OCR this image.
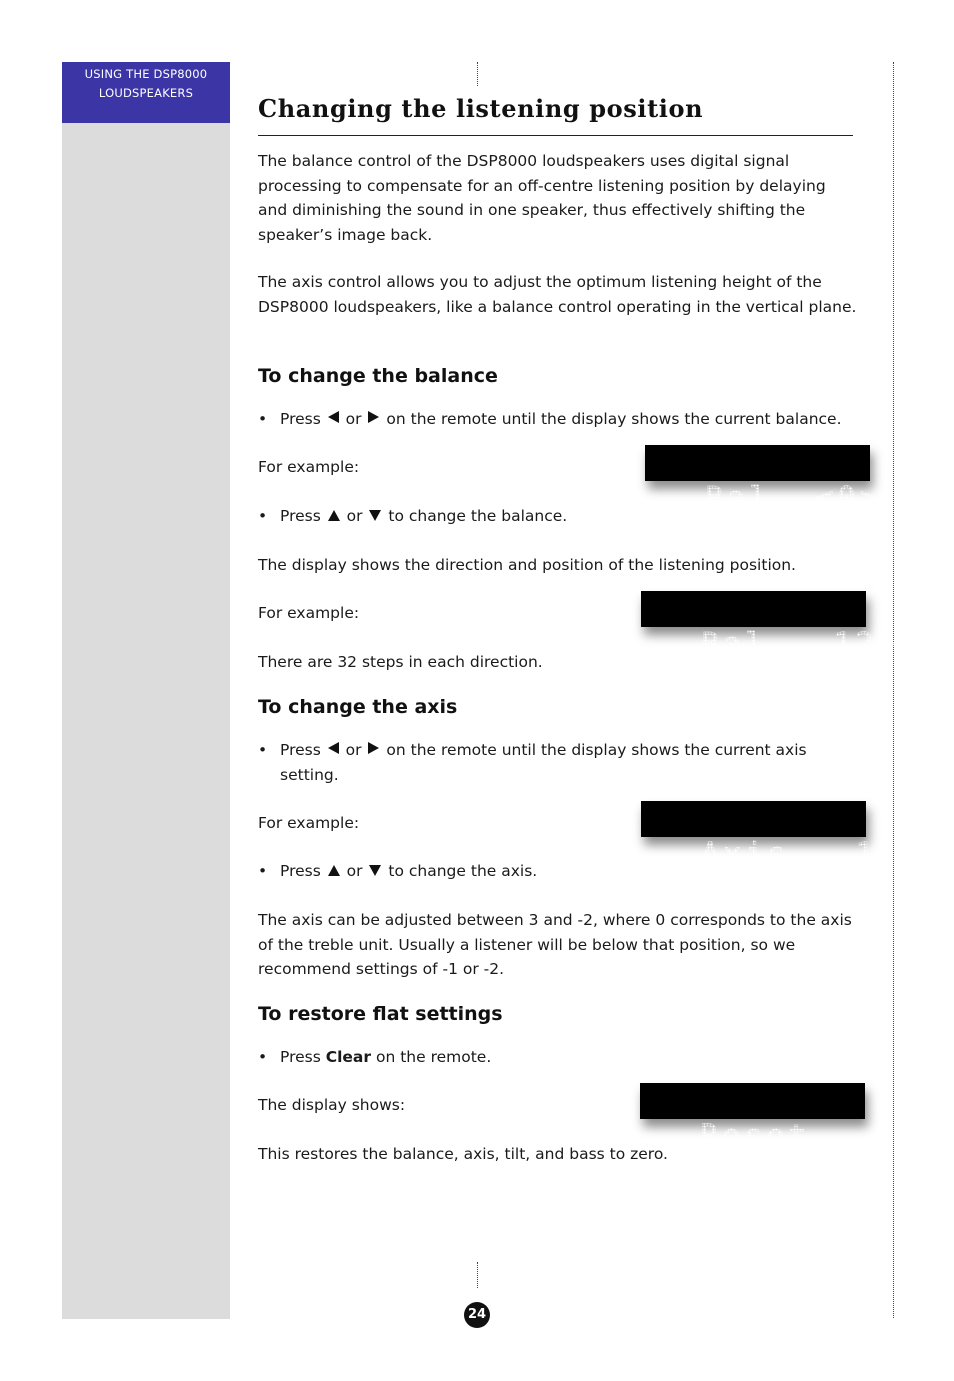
USING THE DSP8000
LOUDSPEAKERS
Changing the listening position

The balance control of the DSP8000 loudspeakers uses digital signal processing to compensate for an off-centre listening position by delaying and diminishing the sound in one speaker, thus effectively shifting the speaker’s image back.

The axis control allows you to adjust the optimum listening height of the DSP8000 loudspeakers, like a balance control operating in the vertical plane.

To change the balance
• Press or on the remote until the display shows the current balance.

For example:

Bal. <0>

• Press or to change the balance.

The display shows the direction and position of the listening position.

For example:

Bal.  12>

There are 32 steps in each direction.

To change the axis
• Press or on the remote until the display shows the current axis setting.

For example:

Axis  -1

• Press or to change the axis.

The axis can be adjusted between 3 and -2, where 0 corresponds to the axis of the treble unit. Usually a listener will be below that position, so we recommend settings of -1 or -2.

To restore flat settings
• Press Clear on the remote.

The display shows:

Reset

This restores the balance, axis, tilt, and bass to zero.

24
